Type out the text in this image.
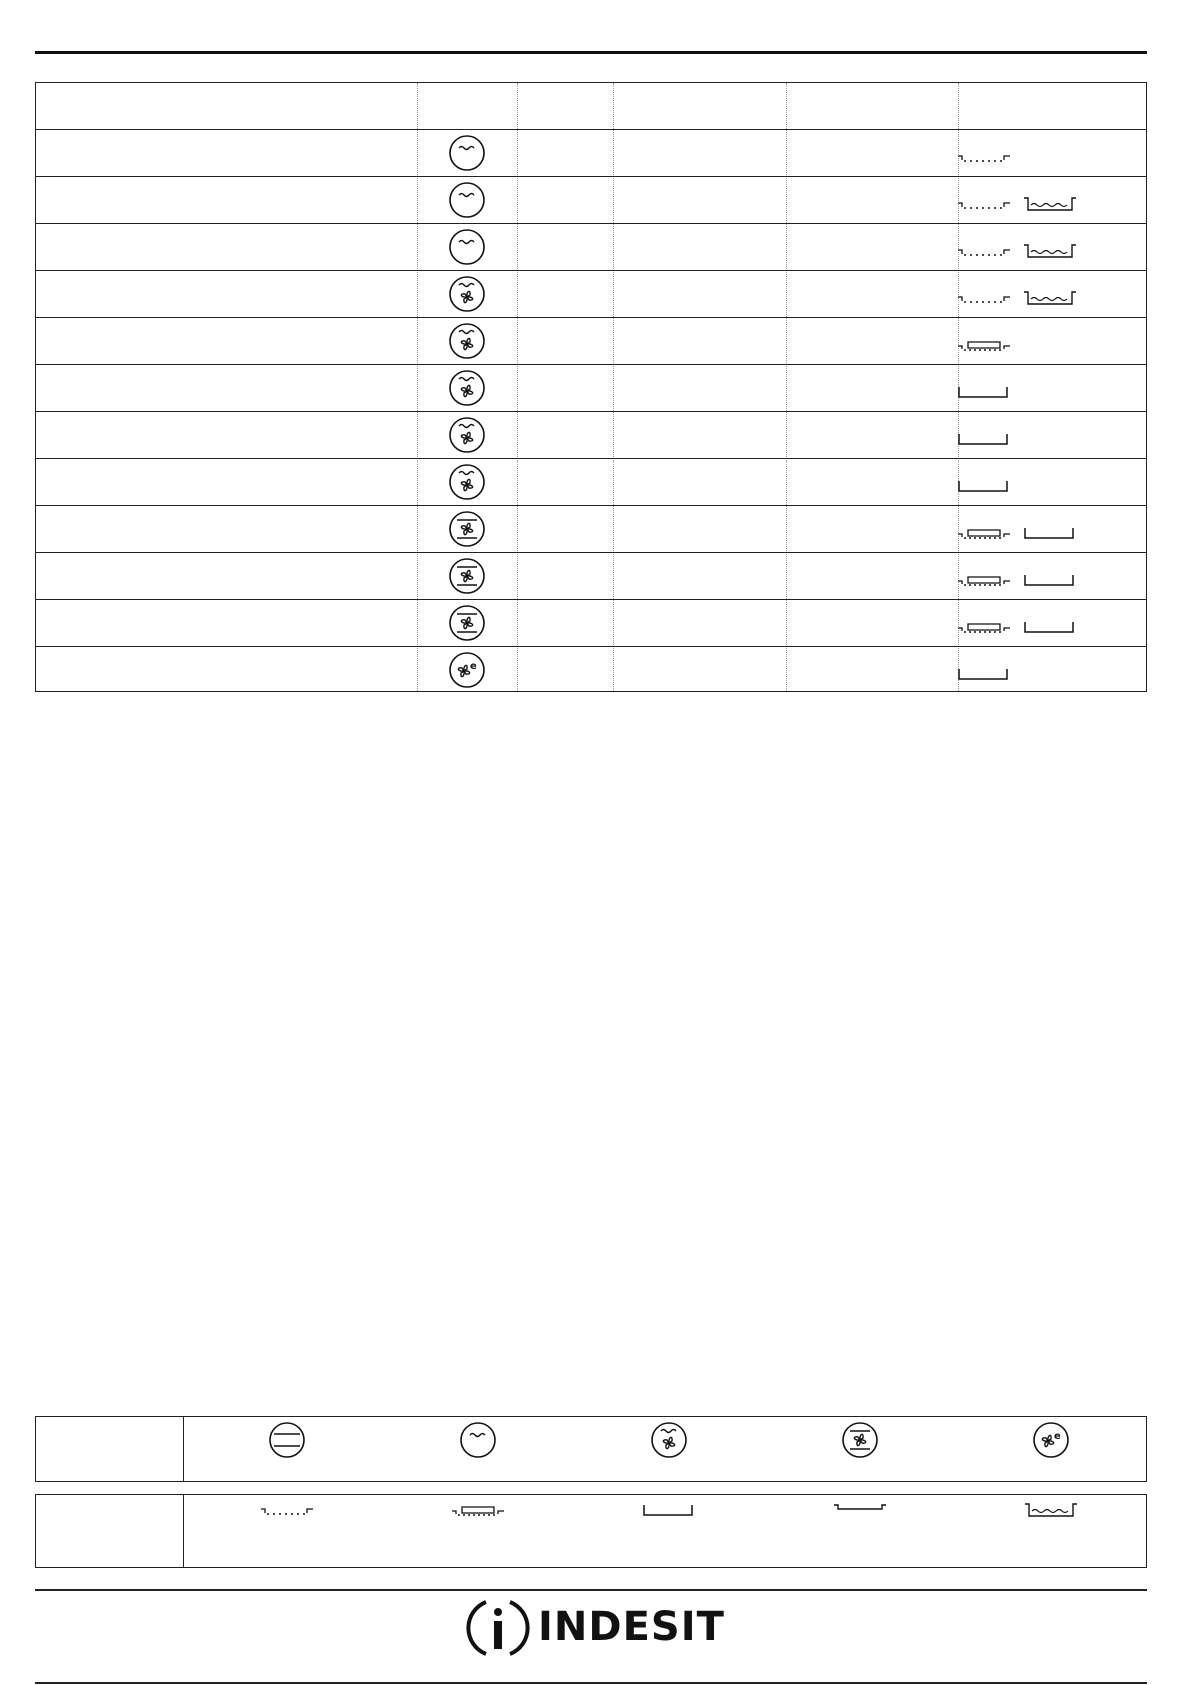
e
e
INDESIT
